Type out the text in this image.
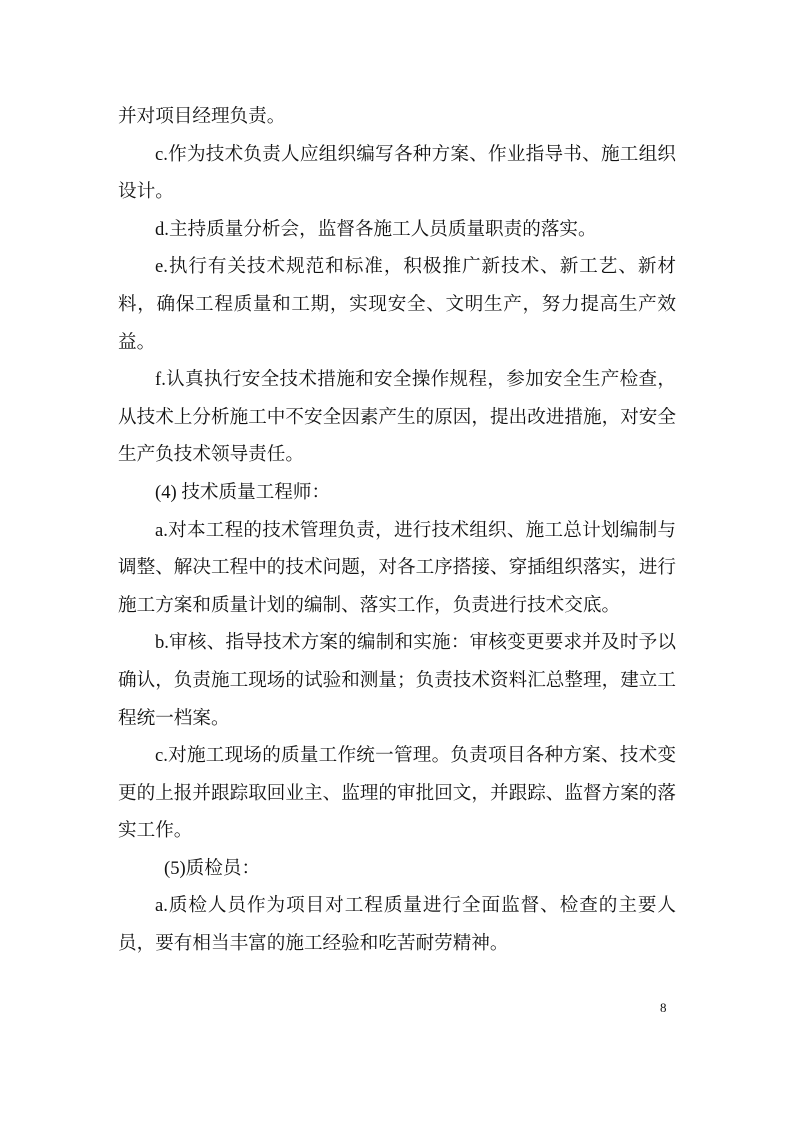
并对项目经理负责。

c.作为技术负责人应组织编写各种方案、作业指导书、施工组织设计。

d.主持质量分析会，监督各施工人员质量职责的落实。

e.执行有关技术规范和标准，积极推广新技术、新工艺、新材料，确保工程质量和工期，实现安全、文明生产，努力提高生产效益。

f.认真执行安全技术措施和安全操作规程，参加安全生产检查，从技术上分析施工中不安全因素产生的原因，提出改进措施，对安全生产负技术领导责任。

(4) 技术质量工程师：

a.对本工程的技术管理负责，进行技术组织、施工总计划编制与调整、解决工程中的技术问题，对各工序搭接、穿插组织落实，进行施工方案和质量计划的编制、落实工作，负责进行技术交底。

b.审核、指导技术方案的编制和实施：审核变更要求并及时予以确认，负责施工现场的试验和测量；负责技术资料汇总整理，建立工程统一档案。

c.对施工现场的质量工作统一管理。负责项目各种方案、技术变更的上报并跟踪取回业主、监理的审批回文，并跟踪、监督方案的落实工作。

(5)质检员：

a.质检人员作为项目对工程质量进行全面监督、检查的主要人员，要有相当丰富的施工经验和吃苦耐劳精神。

8
